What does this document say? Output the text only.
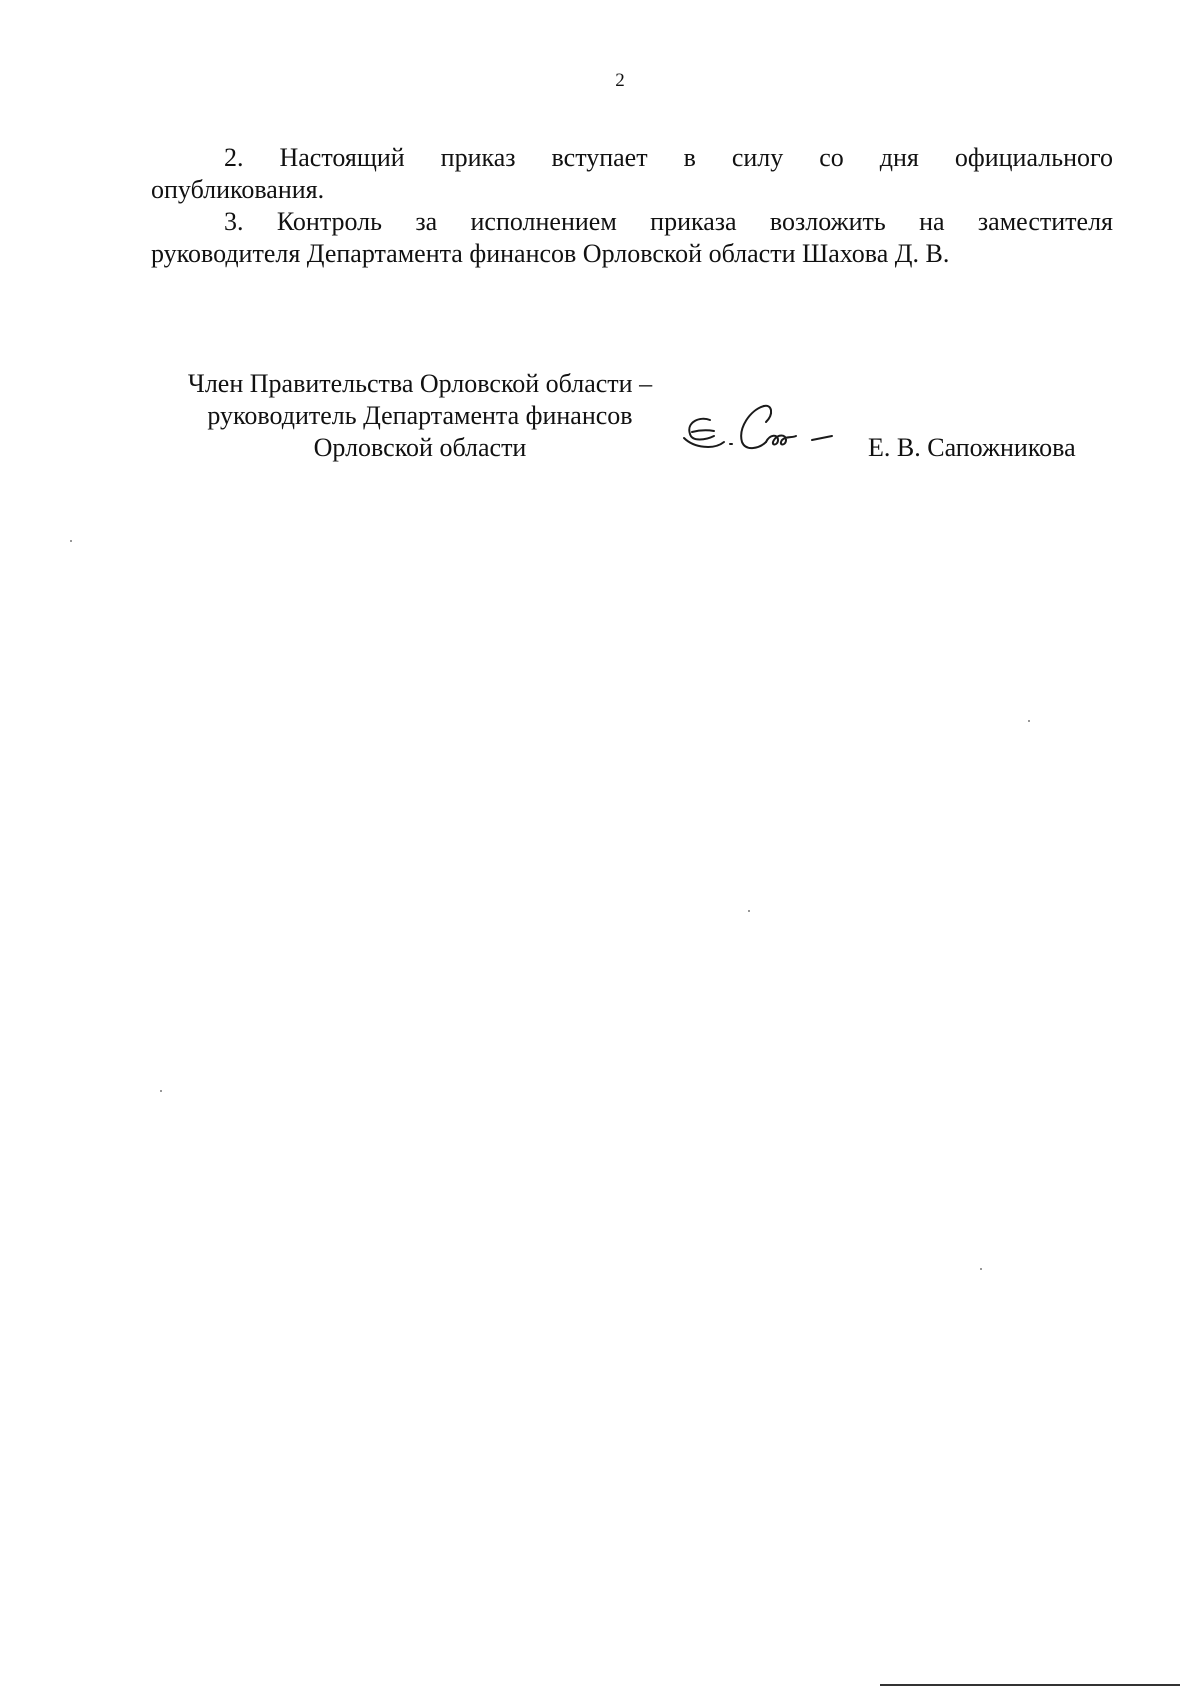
2

2. Настоящий приказ вступает в силу со дня официального
опубликования.

3. Контроль за исполнением приказа возложить на заместителя
руководителя Департамента финансов Орловской области Шахова Д. В.

Член Правительства Орловской области –
руководитель Департамента финансов
Орловской области	Е. В. Сапожникова
